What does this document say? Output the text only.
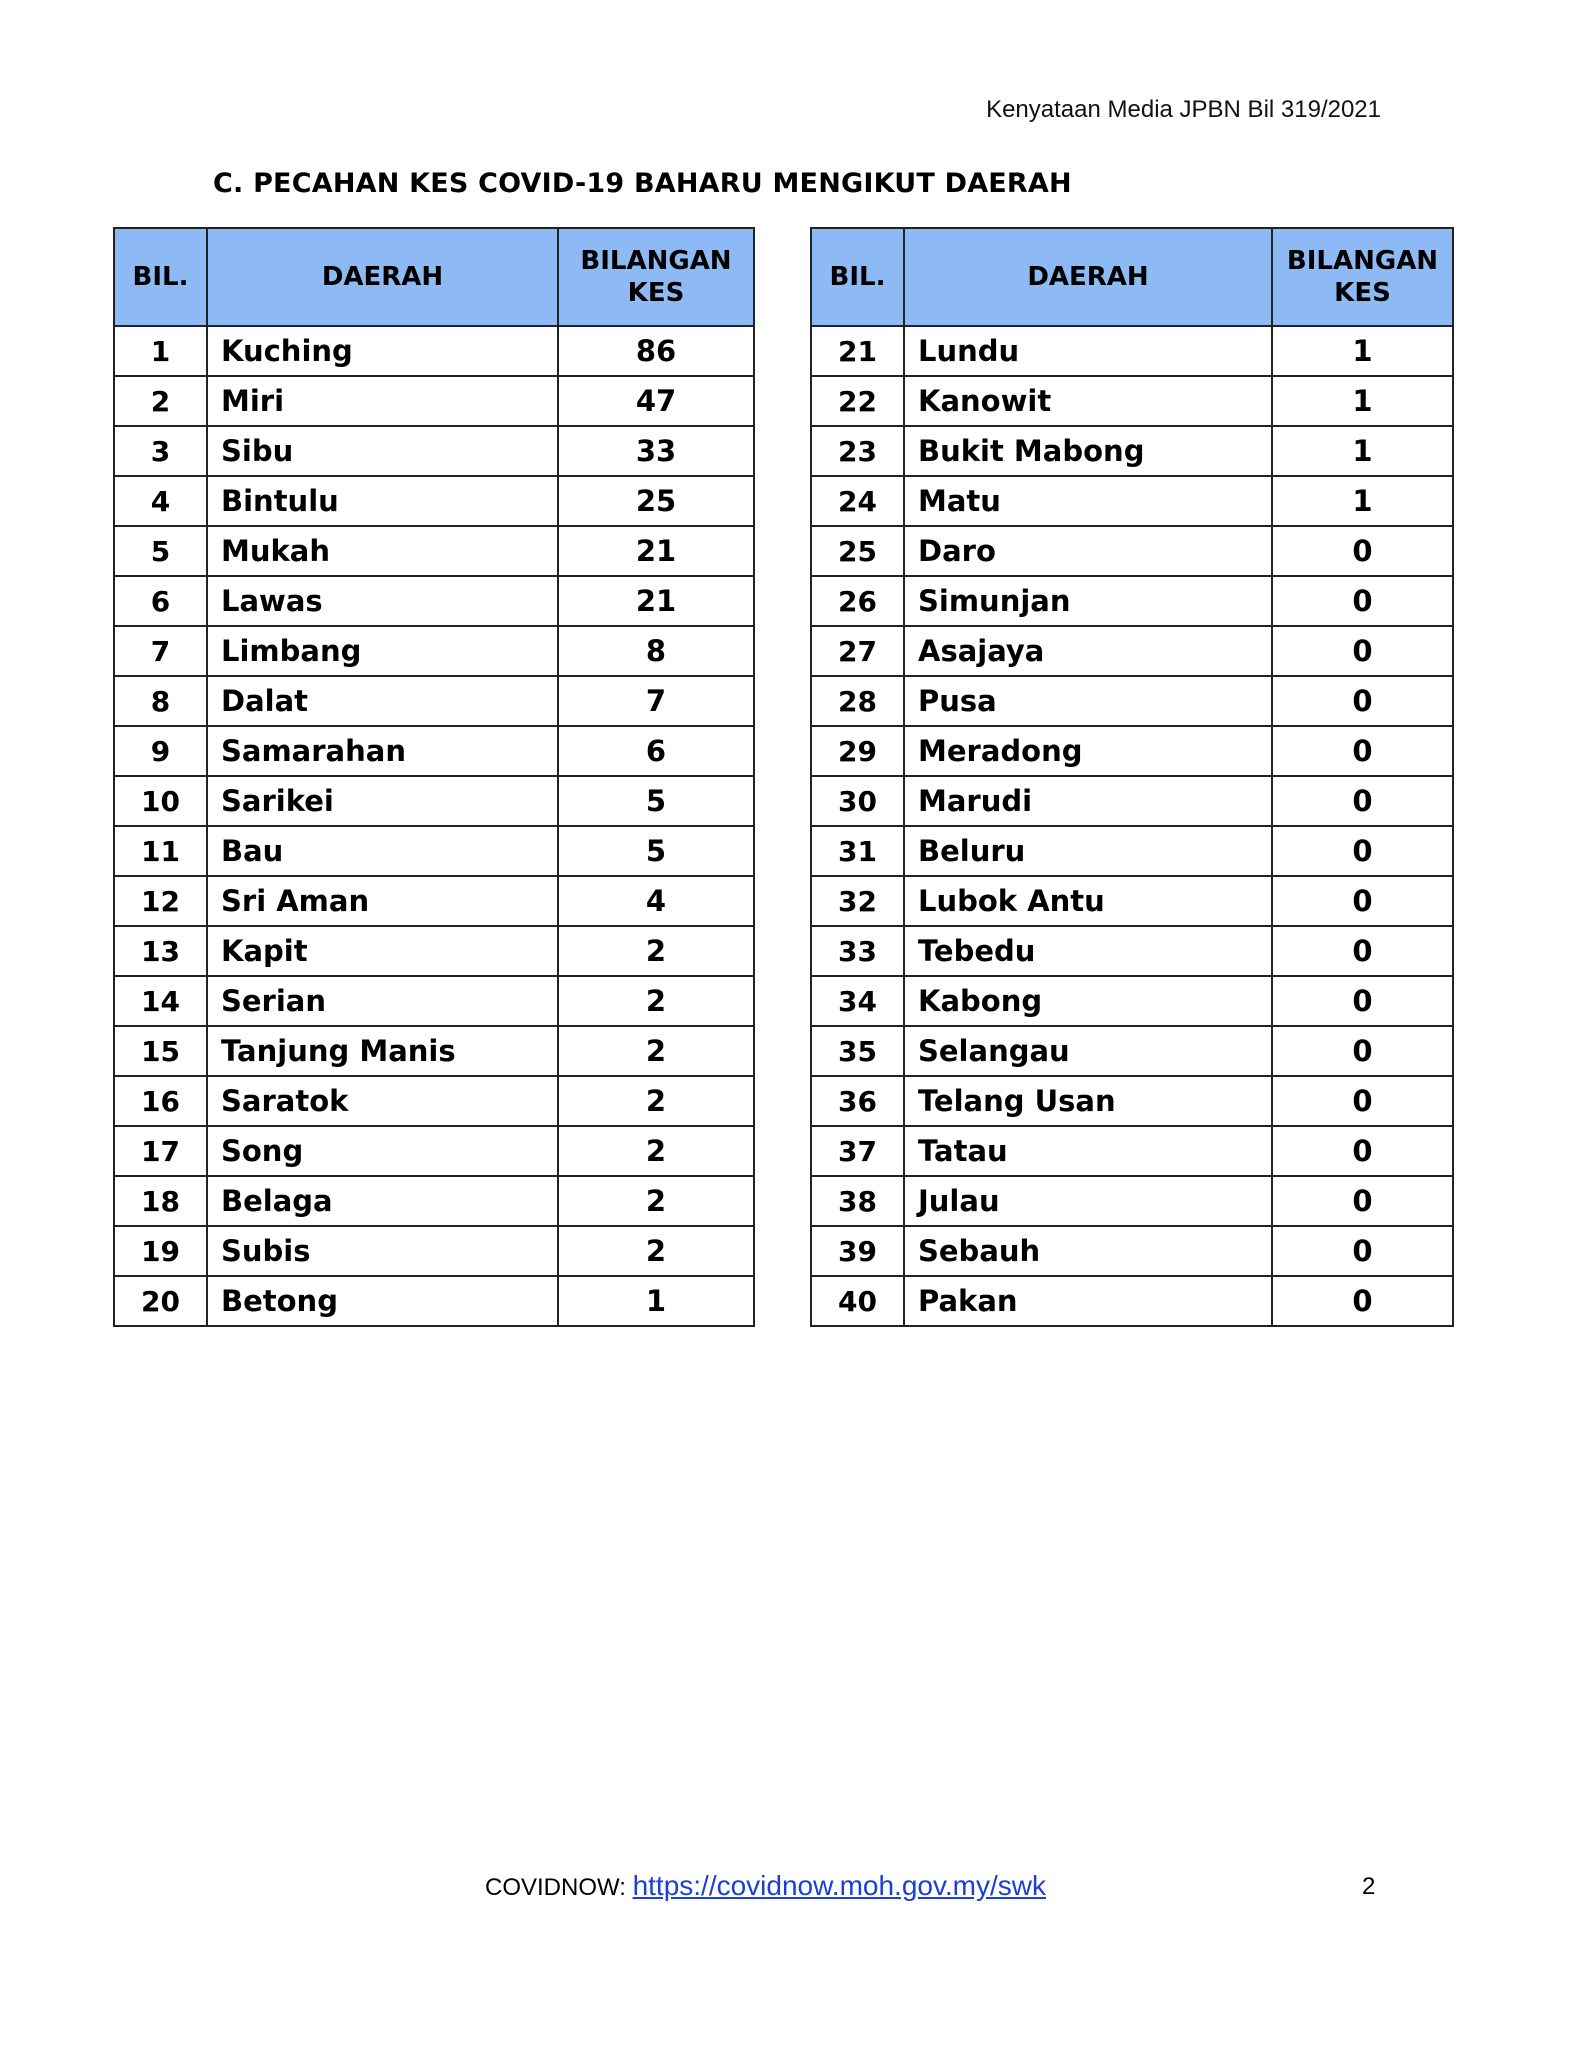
Kenyataan Media JPBN Bil 319/2021
C. PECAHAN KES COVID-19 BAHARU MENGIKUT DAERAH
BIL.	DAERAH	BILANGAN
KES
1	Kuching	86
2	Miri	47
3	Sibu	33
4	Bintulu	25
5	Mukah	21
6	Lawas	21
7	Limbang	8
8	Dalat	7
9	Samarahan	6
10	Sarikei	5
11	Bau	5
12	Sri Aman	4
13	Kapit	2
14	Serian	2
15	Tanjung Manis	2
16	Saratok	2
17	Song	2
18	Belaga	2
19	Subis	2
20	Betong	1
BIL.	DAERAH	BILANGAN
KES
21	Lundu	1
22	Kanowit	1
23	Bukit Mabong	1
24	Matu	1
25	Daro	0
26	Simunjan	0
27	Asajaya	0
28	Pusa	0
29	Meradong	0
30	Marudi	0
31	Beluru	0
32	Lubok Antu	0
33	Tebedu	0
34	Kabong	0
35	Selangau	0
36	Telang Usan	0
37	Tatau	0
38	Julau	0
39	Sebauh	0
40	Pakan	0
COVIDNOW: https://covidnow.moh.gov.my/swk	2
